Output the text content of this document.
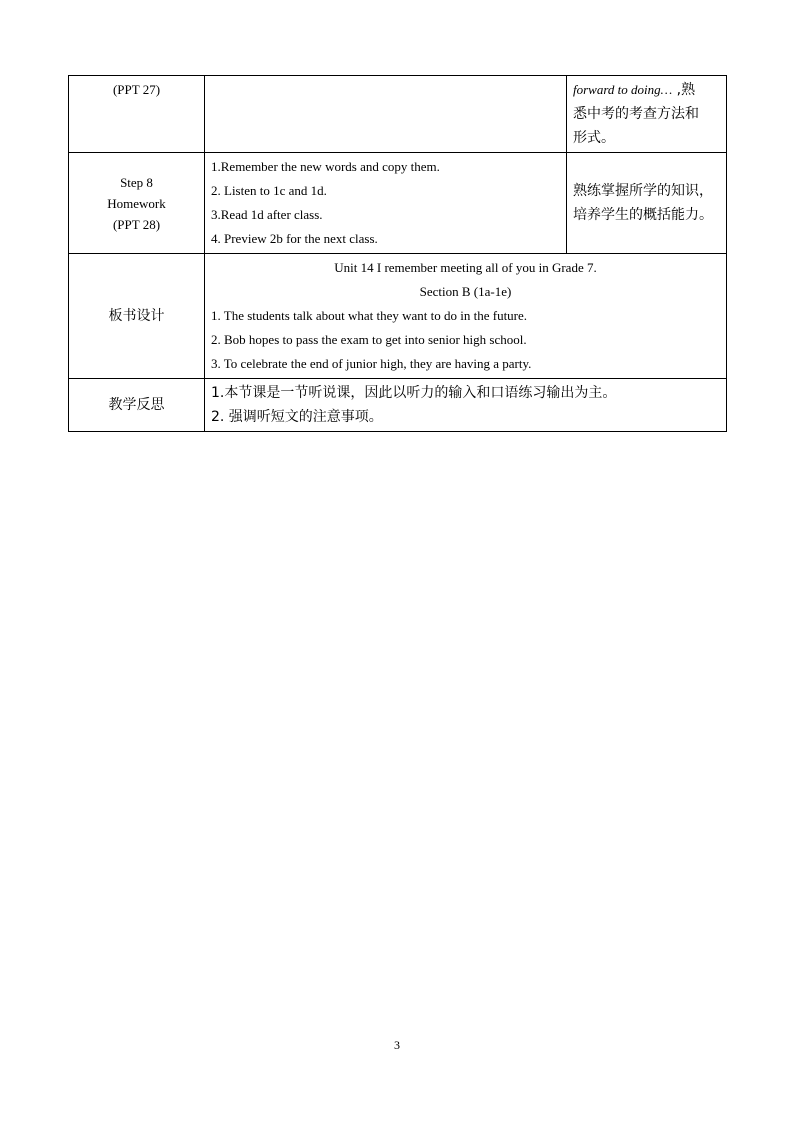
(PPT 27)		forward to doing… ,熟
悉中考的考查方法和
形式。

Step 8
Homework
(PPT 28)	1.Remember the new words and copy them.
2. Listen to 1c and 1d.
3.Read 1d after class.
4. Preview 2b for the next class.	熟练掌握所学的知识，
培养学生的概括能力。

板书设计	Unit 14 I remember meeting all of you in Grade 7.
Section B (1a-1e)
1. The students talk about what they want to do in the future.
2. Bob hopes to pass the exam to get into senior high school.
3. To celebrate the end of junior high, they are having a party.	

教学反思	1.本节课是一节听说课，因此以听力的输入和口语练习输出为主。
2. 强调听短文的注意事项。	
3
